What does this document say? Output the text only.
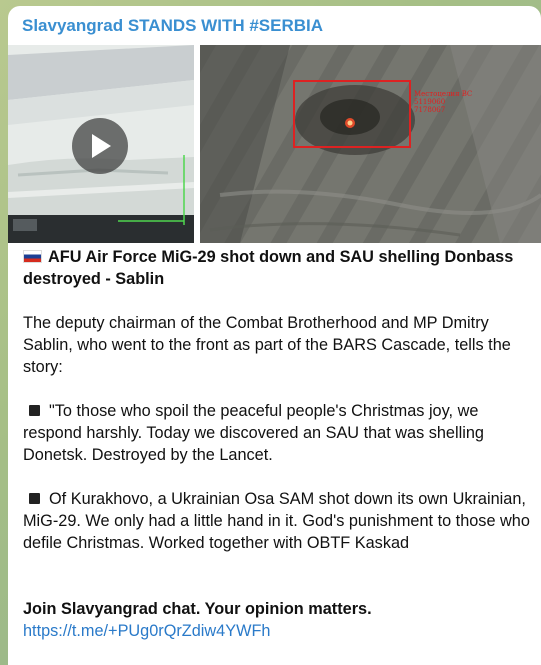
Slavyangrad STANDS WITH #SERBIA
Местоцелия ВС
5119060
7178067
AFU Air Force MiG-29 shot down and SAU shelling Donbass destroyed - Sablin
The deputy chairman of the Combat Brotherhood and MP Dmitry Sablin, who went to the front as part of the BARS Cascade, tells the story:
"To those who spoil the peaceful people's Christmas joy, we respond harshly. Today we discovered an SAU that was shelling Donetsk. Destroyed by the Lancet.
Of Kurakhovo, a Ukrainian Osa SAM shot down its own Ukrainian, MiG-29. We only had a little hand in it. God's punishment to those who defile Christmas. Worked together with OBTF Kaskad
Join Slavyangrad chat. Your opinion matters.
https://t.me/+PUg0rQrZdiw4YWFh
